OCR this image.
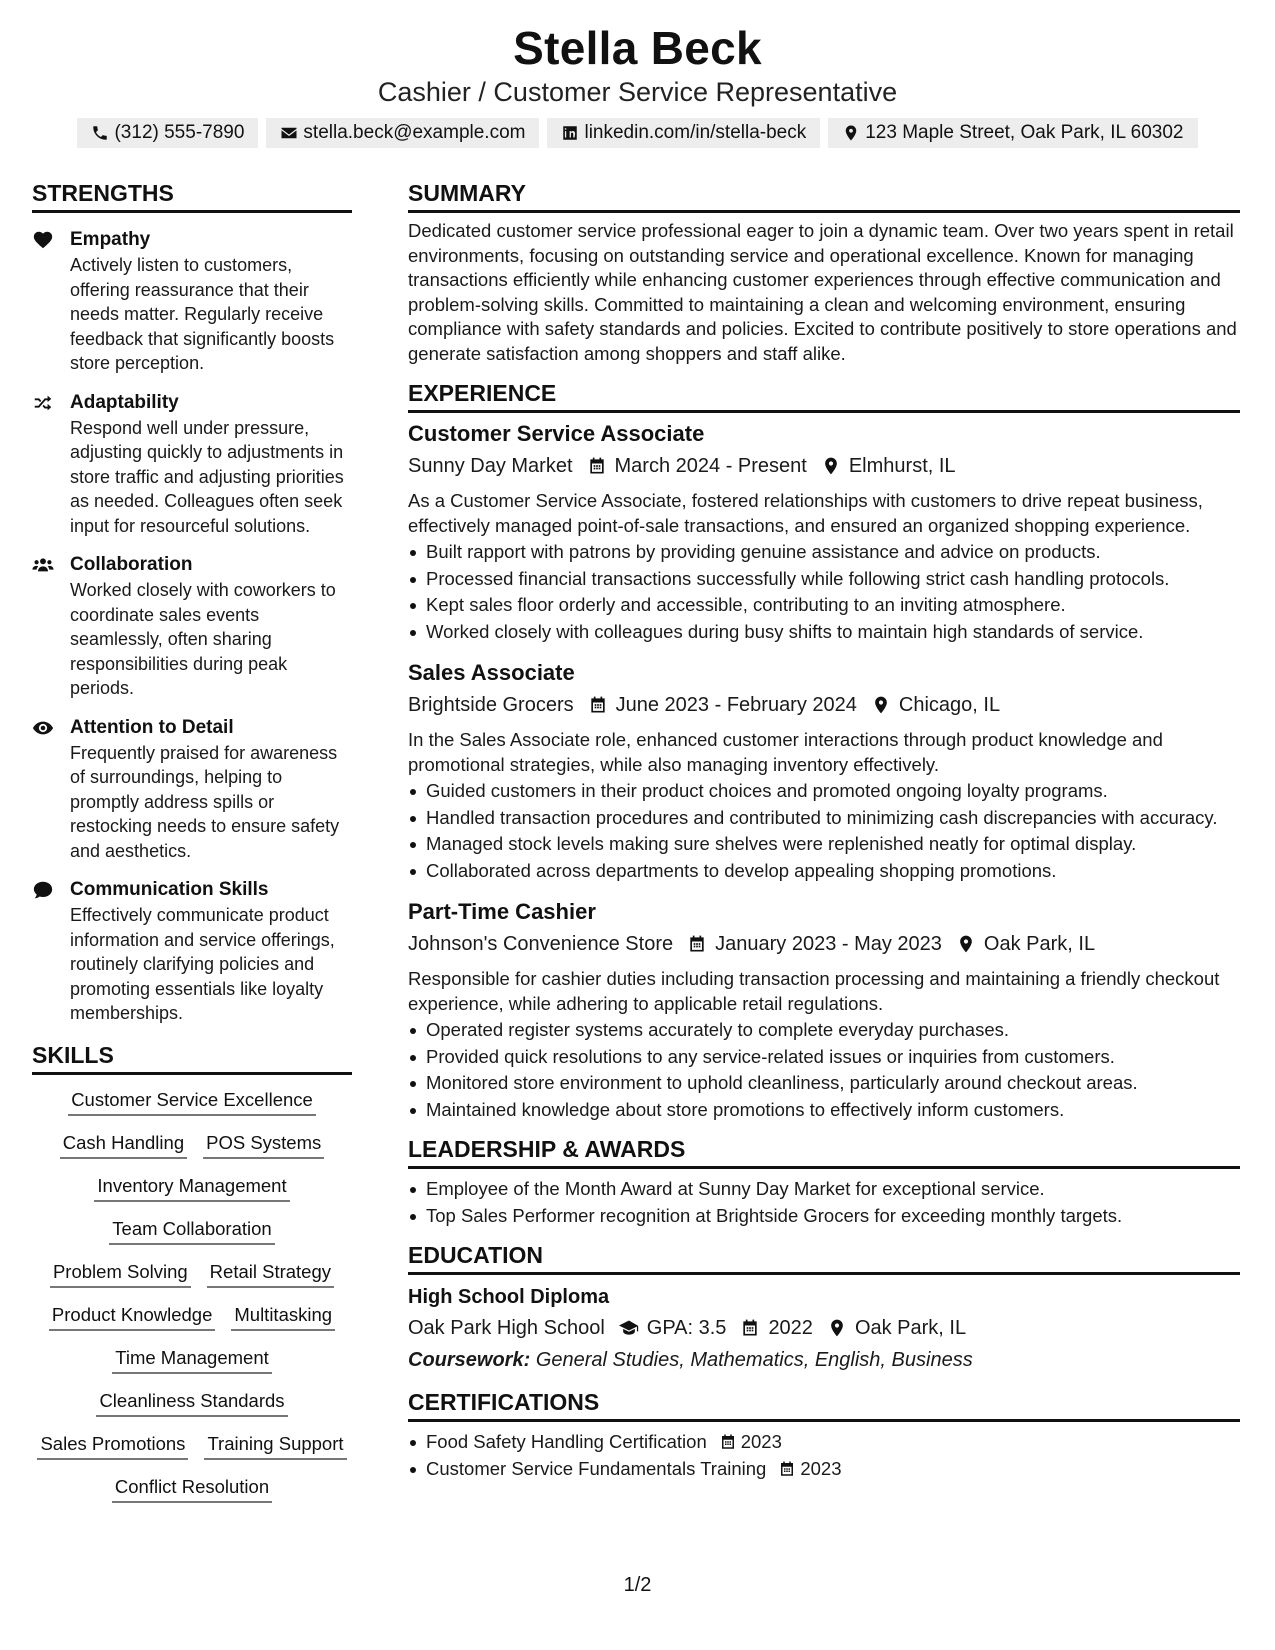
Stella Beck
Cashier / Customer Service Representative
(312) 555-7890	stella.beck@example.com	linkedin.com/in/stella-beck	123 Maple Street, Oak Park, IL 60302
STRENGTHS
Empathy
Actively listen to customers, offering reassurance that their needs matter. Regularly receive feedback that significantly boosts store perception.
Adaptability
Respond well under pressure, adjusting quickly to adjustments in store traffic and adjusting priorities as needed. Colleagues often seek input for resourceful solutions.
Collaboration
Worked closely with coworkers to coordinate sales events seamlessly, often sharing responsibilities during peak periods.
Attention to Detail
Frequently praised for awareness of surroundings, helping to promptly address spills or restocking needs to ensure safety and aesthetics.
Communication Skills
Effectively communicate product information and service offerings, routinely clarifying policies and promoting essentials like loyalty memberships.
SKILLS
Customer Service Excellence
Cash Handling POS Systems
Inventory Management
Team Collaboration
Problem Solving Retail Strategy
Product Knowledge Multitasking
Time Management
Cleanliness Standards
Sales Promotions Training Support
Conflict Resolution
SUMMARY
Dedicated customer service professional eager to join a dynamic team. Over two years spent in retail environments, focusing on outstanding service and operational excellence. Known for managing transactions efficiently while enhancing customer experiences through effective communication and problem-solving skills. Committed to maintaining a clean and welcoming environment, ensuring compliance with safety standards and policies. Excited to contribute positively to store operations and generate satisfaction among shoppers and staff alike.
EXPERIENCE
Customer Service Associate
Sunny Day Market March 2024 - Present Elmhurst, IL
As a Customer Service Associate, fostered relationships with customers to drive repeat business, effectively managed point-of-sale transactions, and ensured an organized shopping experience.
Built rapport with patrons by providing genuine assistance and advice on products.
Processed financial transactions successfully while following strict cash handling protocols.
Kept sales floor orderly and accessible, contributing to an inviting atmosphere.
Worked closely with colleagues during busy shifts to maintain high standards of service.
Sales Associate
Brightside Grocers June 2023 - February 2024 Chicago, IL
In the Sales Associate role, enhanced customer interactions through product knowledge and promotional strategies, while also managing inventory effectively.
Guided customers in their product choices and promoted ongoing loyalty programs.
Handled transaction procedures and contributed to minimizing cash discrepancies with accuracy.
Managed stock levels making sure shelves were replenished neatly for optimal display.
Collaborated across departments to develop appealing shopping promotions.
Part-Time Cashier
Johnson's Convenience Store January 2023 - May 2023 Oak Park, IL
Responsible for cashier duties including transaction processing and maintaining a friendly checkout experience, while adhering to applicable retail regulations.
Operated register systems accurately to complete everyday purchases.
Provided quick resolutions to any service-related issues or inquiries from customers.
Monitored store environment to uphold cleanliness, particularly around checkout areas.
Maintained knowledge about store promotions to effectively inform customers.
LEADERSHIP & AWARDS
Employee of the Month Award at Sunny Day Market for exceptional service.
Top Sales Performer recognition at Brightside Grocers for exceeding monthly targets.
EDUCATION
High School Diploma
Oak Park High School GPA: 3.5 2022 Oak Park, IL
Coursework: General Studies, Mathematics, English, Business
CERTIFICATIONS
Food Safety Handling Certification 2023
Customer Service Fundamentals Training 2023
1/2
